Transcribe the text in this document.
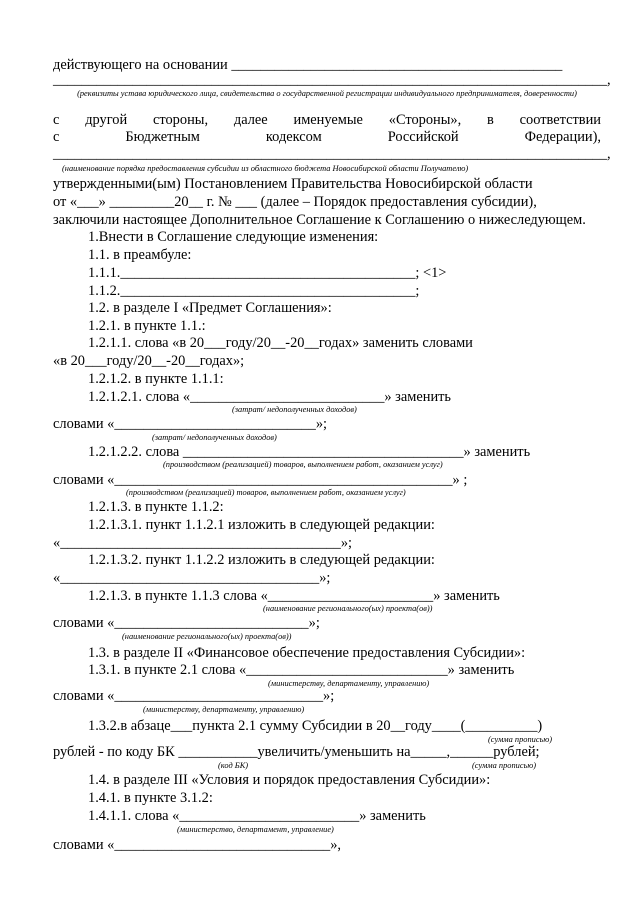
действующего на основании ______________________________________________
_____________________________________________________________________________,
(реквизиты устава юридического лица, свидетельства о государственной регистрации индивидуального предпринимателя, доверенности)
с другой стороны, далее именуемые «Стороны», в соответствии
с Бюджетным кодексом Российской Федерации),
_____________________________________________________________________________,
(наименование порядка предоставления субсидии из областного бюджета Новосибирской области Получателю)
утвержденными(ым) Постановлением Правительства Новосибирской области
от «___» _________20__ г. № ___ (далее – Порядок предоставления субсидии),
заключили настоящее Дополнительное Соглашение к Соглашению о нижеследующем.
1.Внести в Соглашение следующие изменения:
1.1. в преамбуле:
1.1.1._________________________________________; <1>
1.1.2._________________________________________;
1.2. в разделе I «Предмет Соглашения»:
1.2.1. в пункте 1.1.:
1.2.1.1. слова «в 20___году/20__-20__годах» заменить словами
«в 20___году/20__-20__годах»;
1.2.1.2. в пункте 1.1.1:
1.2.1.2.1. слова «___________________________» заменить
(затрат/ недополученных доходов)
словами «____________________________»;
(затрат/ недополученных доходов)
1.2.1.2.2. слова _______________________________________» заменить
(производством (реализацией) товаров, выполнением работ, оказанием услуг)
словами «_______________________________________________» ;
(производством (реализацией) товаров, выполнением работ, оказанием услуг)
1.2.1.3. в пункте 1.1.2:
1.2.1.3.1. пункт 1.1.2.1 изложить в следующей редакции:
«_______________________________________»;
1.2.1.3.2. пункт 1.1.2.2 изложить в следующей редакции:
«____________________________________»;
1.2.1.3. в пункте 1.1.3 слова «_______________________» заменить
(наименование регионального(ых) проекта(ов))
словами «___________________________»;
(наименование регионального(ых) проекта(ов))
1.3. в разделе II «Финансовое обеспечение предоставления Субсидии»:
1.3.1. в пункте 2.1 слова «____________________________» заменить
(министерству, департаменту, управлению)
словами «_____________________________»;
(министерству, департаменту, управлению)
1.3.2.в абзаце___пункта 2.1 сумму Субсидии в 20__году____(__________)
(сумма прописью)
рублей - по коду БК ___________увеличить/уменьшить на_____,______рублей;
(код БК)	(сумма прописью)
1.4. в разделе III «Условия и порядок предоставления Субсидии»:
1.4.1. в пункте 3.1.2:
1.4.1.1. слова «_________________________» заменить
(министерство, департамент, управление)
словами «______________________________»,
